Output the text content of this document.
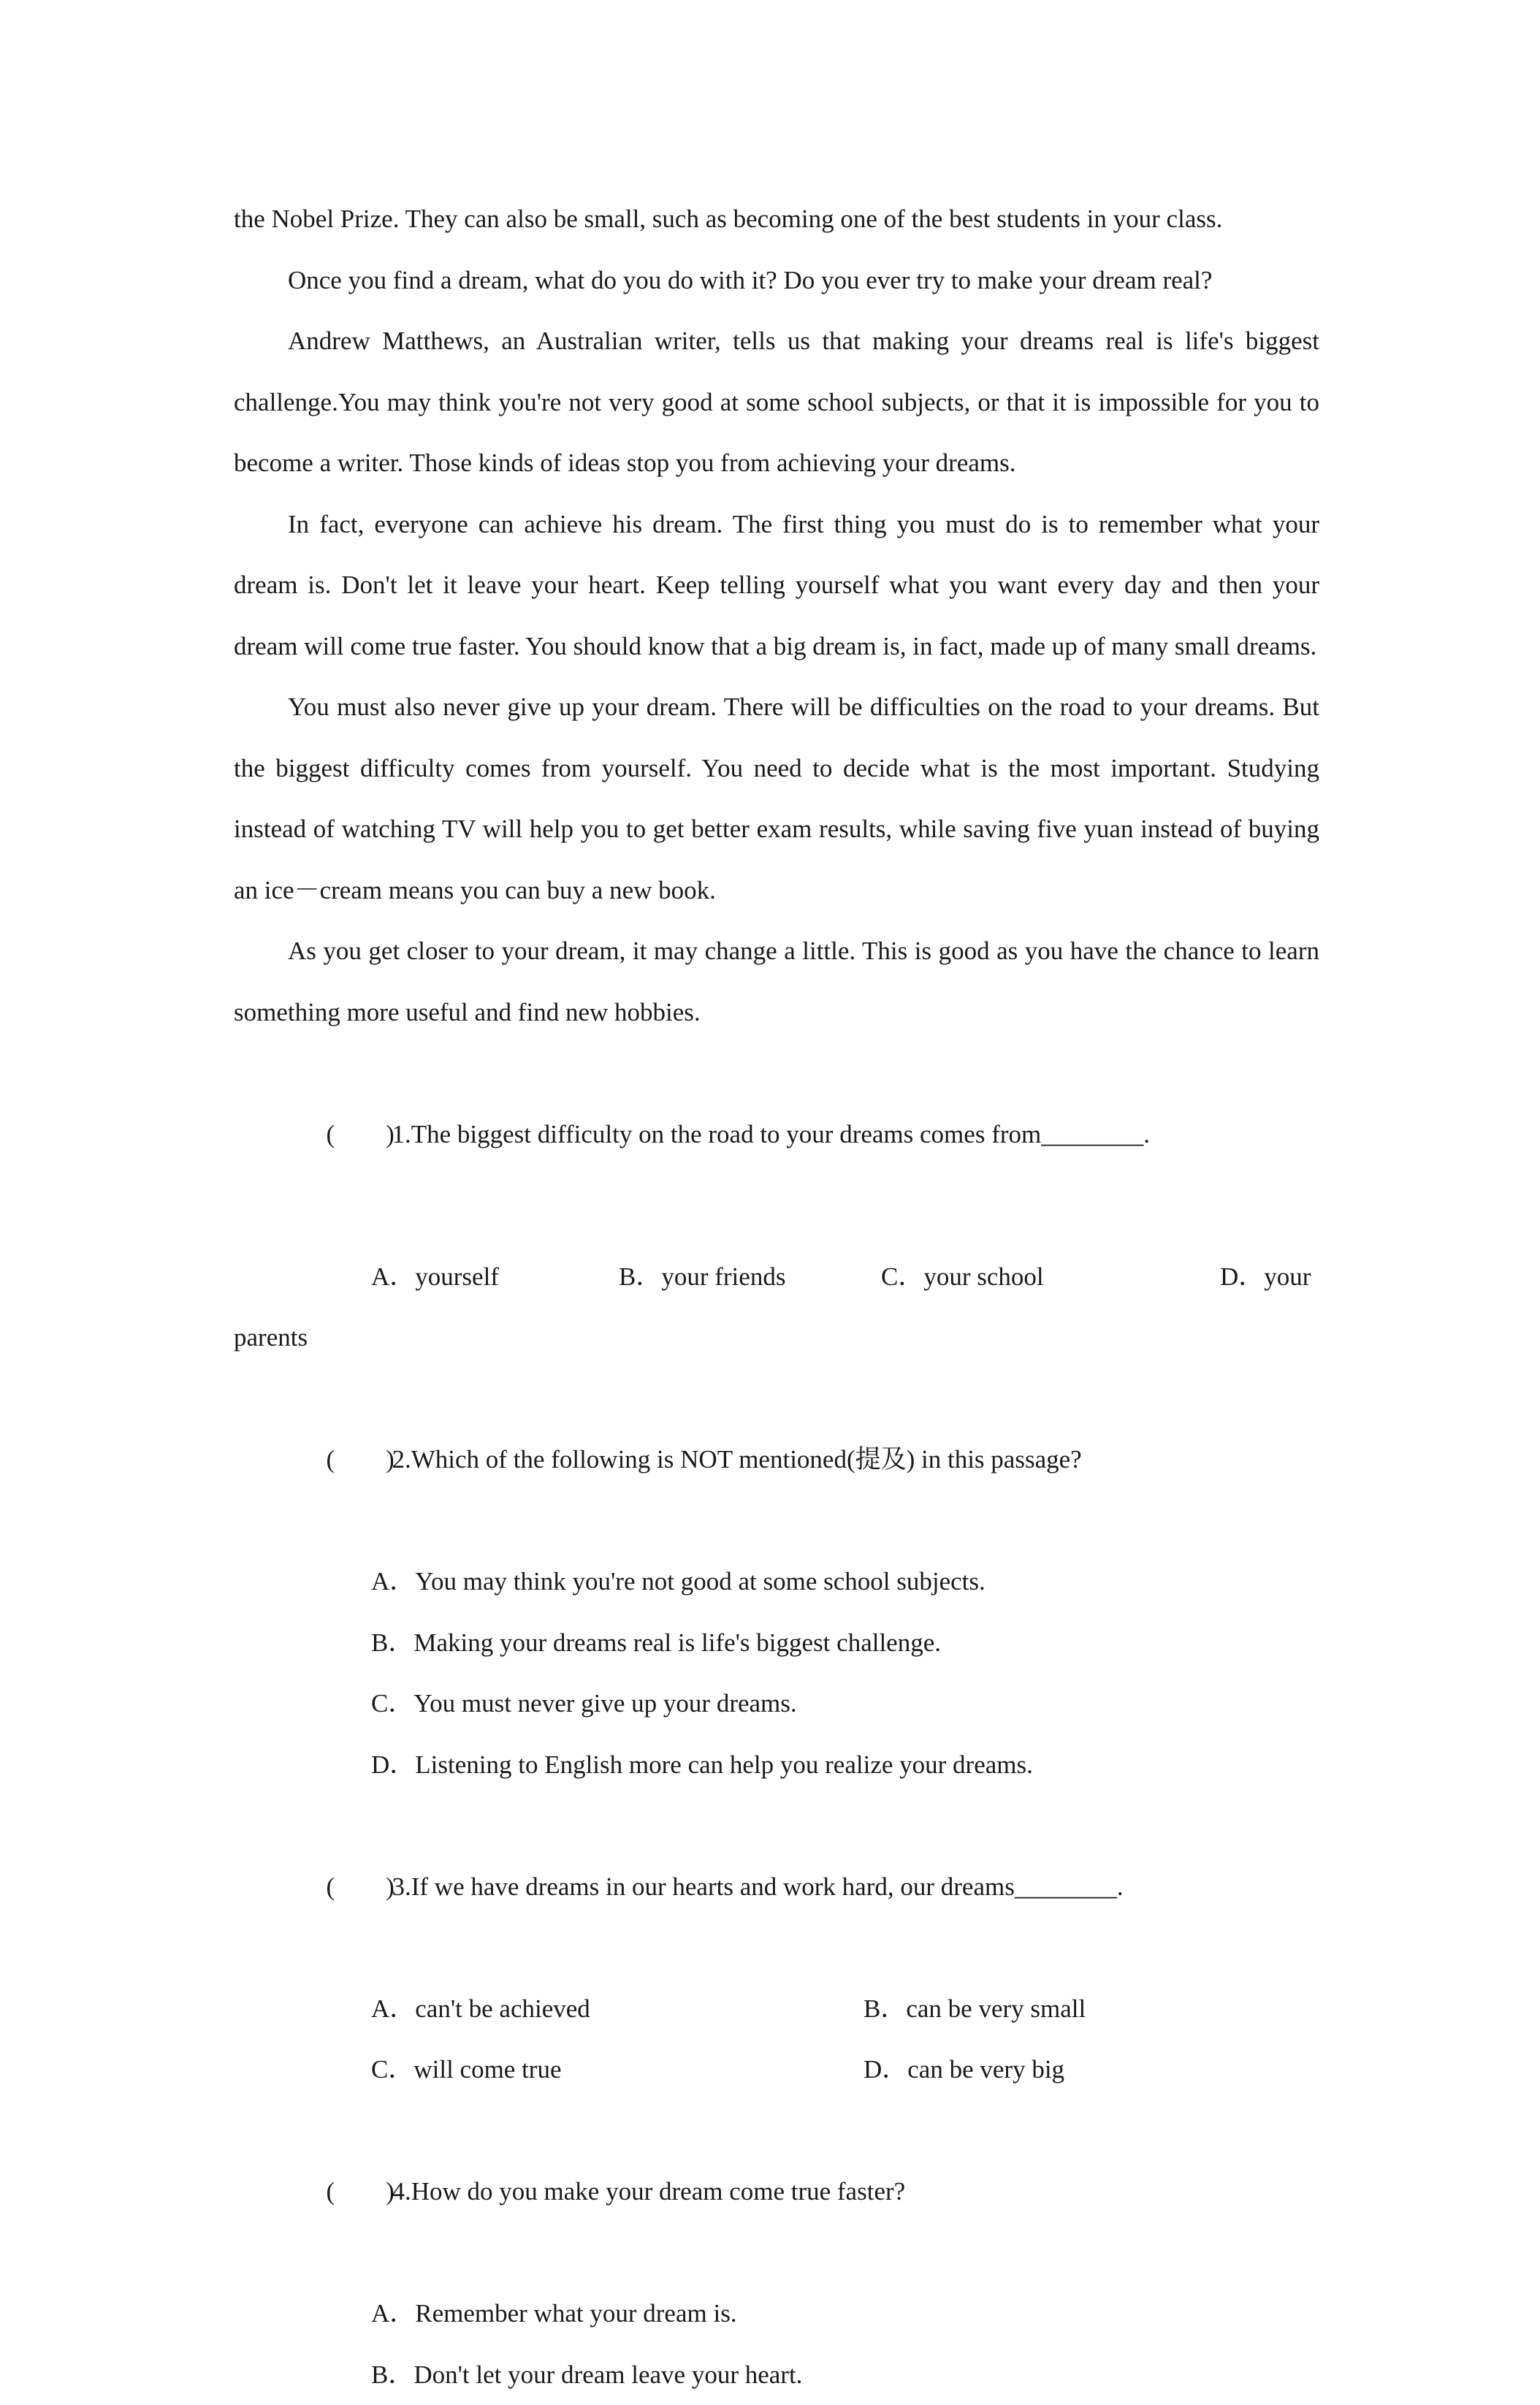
the Nobel Prize. They can also be small, such as becoming one of the best students in your class.

Once you find a dream, what do you do with it? Do you ever try to make your dream real?

Andrew Matthews, an Australian writer, tells us that making your dreams real is life's biggest challenge.You may think you're not very good at some school subjects, or that it is impossible for you to become a writer. Those kinds of ideas stop you from achieving your dreams.

In fact, everyone can achieve his dream. The first thing you must do is to remember what your dream is. Don't let it leave your heart. Keep telling yourself what you want every day and then your dream will come true faster. You should know that a big dream is, in fact, made up of many small dreams.

You must also never give up your dream. There will be difficulties on the road to your dreams. But the biggest difficulty comes from yourself. You need to decide what is the most important. Studying instead of watching TV will help you to get better exam results, while saving five yuan instead of buying an ice－cream means you can buy a new book.

As you get closer to your dream, it may change a little. This is good as you have the chance to learn something more useful and find new hobbies.

(        )1.The biggest difficulty on the road to your dreams comes from________.

A．yourself	B．your friends	C．your school	D．your

parents

(        )2.Which of the following is NOT mentioned(提及) in this passage?

A．You may think you're not good at some school subjects.

B．Making your dreams real is life's biggest challenge.

C．You must never give up your dreams.

D．Listening to English more can help you realize your dreams.

(        )3.If we have dreams in our hearts and work hard, our dreams________.

A．can't be achieved	B．can be very small
C．will come true	D．can be very big

(        )4.How do you make your dream come true faster?

A．Remember what your dream is.

B．Don't let your dream leave your heart.
